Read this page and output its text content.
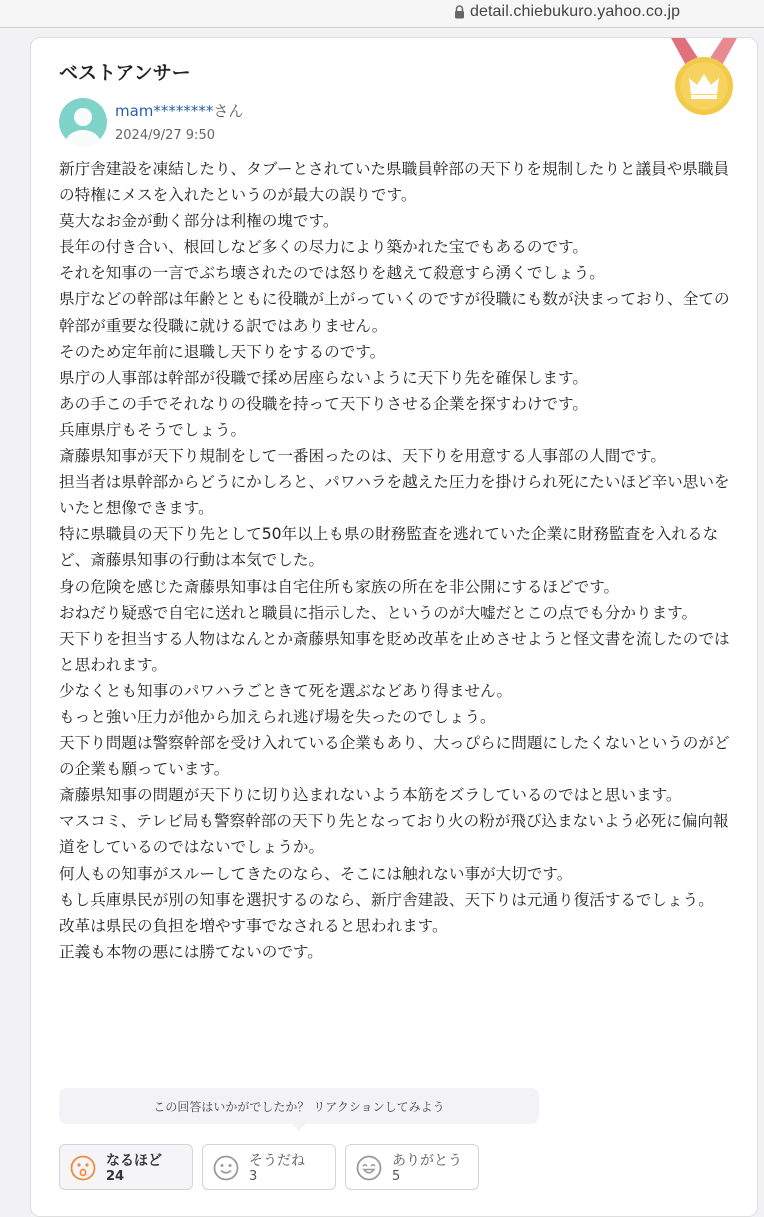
detail.chiebukuro.yahoo.co.jp
ベストアンサー
mam********さん
2024/9/27 9:50

新庁舎建設を凍結したり、タブーとされていた県職員幹部の天下りを規制したりと議員や県職員の特権にメスを入れたというのが最大の誤りです。

莫大なお金が動く部分は利権の塊です。

長年の付き合い、根回しなど多くの尽力により築かれた宝でもあるのです。

それを知事の一言でぶち壊されたのでは怒りを越えて殺意すら湧くでしょう。

県庁などの幹部は年齢とともに役職が上がっていくのですが役職にも数が決まっており、全ての幹部が重要な役職に就ける訳ではありません。

そのため定年前に退職し天下りをするのです。

県庁の人事部は幹部が役職で揉め居座らないように天下り先を確保します。

あの手この手でそれなりの役職を持って天下りさせる企業を探すわけです。

兵庫県庁もそうでしょう。

斎藤県知事が天下り規制をして一番困ったのは、天下りを用意する人事部の人間です。

担当者は県幹部からどうにかしろと、パワハラを越えた圧力を掛けられ死にたいほど辛い思いをいたと想像できます。

特に県職員の天下り先として50年以上も県の財務監査を逃れていた企業に財務監査を入れるなど、斎藤県知事の行動は本気でした。

身の危険を感じた斎藤県知事は自宅住所も家族の所在を非公開にするほどです。

おねだり疑惑で自宅に送れと職員に指示した、というのが大嘘だとこの点でも分かります。

天下りを担当する人物はなんとか斎藤県知事を貶め改革を止めさせようと怪文書を流したのではと思われます。

少なくとも知事のパワハラごときて死を選ぶなどあり得ません。

もっと強い圧力が他から加えられ逃げ場を失ったのでしょう。

天下り問題は警察幹部を受け入れている企業もあり、大っぴらに問題にしたくないというのがどの企業も願っています。

斎藤県知事の問題が天下りに切り込まれないよう本筋をズラしているのではと思います。

マスコミ、テレビ局も警察幹部の天下り先となっており火の粉が飛び込まないよう必死に偏向報道をしているのではないでしょうか。

何人もの知事がスルーしてきたのなら、そこには触れない事が大切です。

もし兵庫県民が別の知事を選択するのなら、新庁舎建設、天下りは元通り復活するでしょう。

改革は県民の負担を増やす事でなされると思われます。

正義も本物の悪には勝てないのです。

この回答はいかがでしたか？ リアクションしてみよう
なるほど
24
そうだね
3
ありがとう
5
